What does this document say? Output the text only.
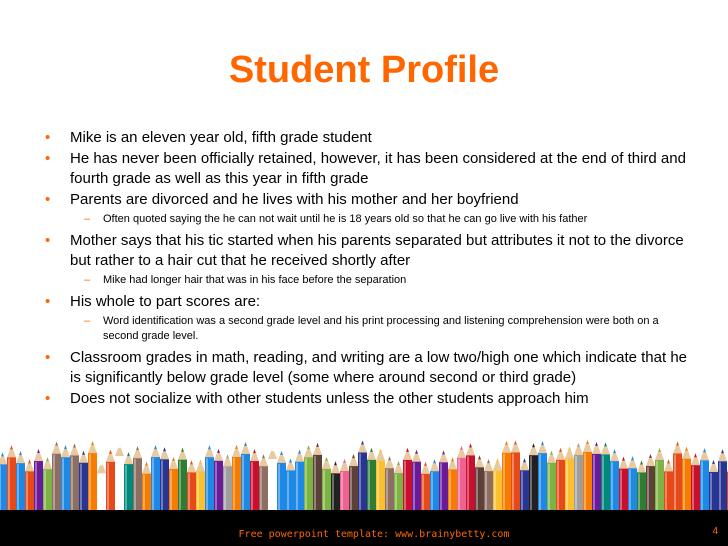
Student Profile
• Mike is an eleven year old, fifth grade student
• He has never been officially retained, however, it has been considered at the end of third and fourth grade as well as this year in fifth grade
• Parents are divorced and he lives with his mother and her boyfriend
– Often quoted saying the he can not wait until he is 18 years old so that he can go live with his father
• Mother says that his tic started when his parents separated but attributes it not to the divorce but rather to a hair cut that he received shortly after
– Mike had longer hair that was in his face before the separation
• His whole to part scores are:
– Word identification was a second grade level and his print processing and listening comprehension were both on a second grade level.
• Classroom grades in math, reading, and writing are a low two/high one which indicate that he is significantly below grade level (some where around second or third grade)
• Does not socialize with other students unless the other students approach him
Free powerpoint template: www.brainybetty.com	4
